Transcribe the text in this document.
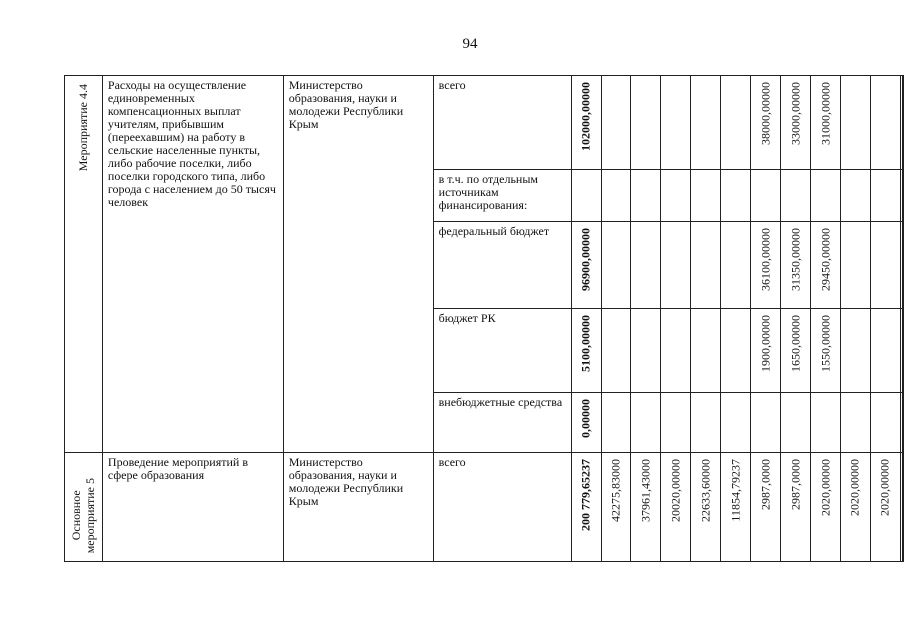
94
Мероприятие 4.4	Расходы на осуществление единовременных компенсационных выплат учителям, прибывшим (переехавшим) на работу в сельские населенные пункты, либо рабочие поселки, либо поселки городского типа, либо города с населением до 50 тысяч человек	Министерство образования, науки и молодежи Республики Крым	всего	102000,00000						38000,00000	33000,00000	31000,00000				

			в т.ч. по отдельным источникам финансирования:	

			федеральный бюджет	96900,00000						36100,00000	31350,00000	29450,00000				

			бюджет РК	5100,00000						1900,00000	1650,00000	1550,00000				

			внебюджетные средства	0,00000												

Основное
мероприятие 5	Проведение мероприятий в сфере образования	Министерство образования, науки и молодежи Республики Крым	всего	200 779,65237	42275,83000	37961,43000	20020,00000	22633,60000	11854,79237	2987,0000	2987,0000	2020,00000	2020,00000	2020,00000		
